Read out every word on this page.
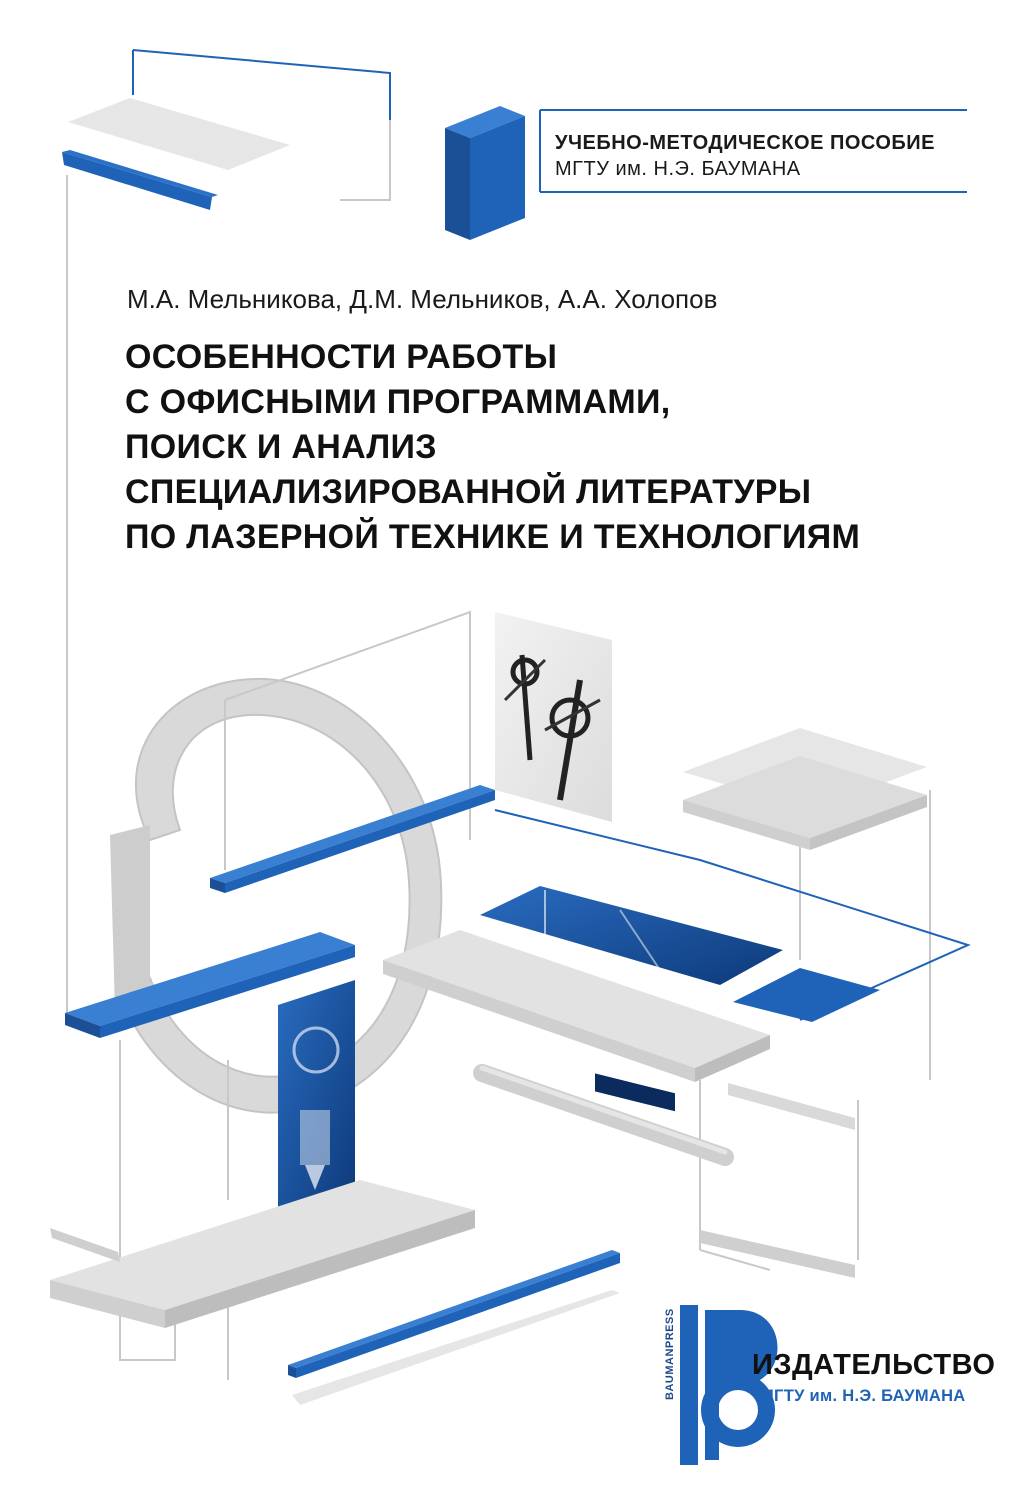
УЧЕБНО-МЕТОДИЧЕСКОЕ ПОСОБИЕ
МГТУ им. Н.Э. БАУМАНА
М.А. Мельникова, Д.М. Мельников, А.А. Холопов
ОСОБЕННОСТИ РАБОТЫ
С ОФИСНЫМИ ПРОГРАММАМИ,
ПОИСК И АНАЛИЗ
СПЕЦИАЛИЗИРОВАННОЙ ЛИТЕРАТУРЫ
ПО ЛАЗЕРНОЙ ТЕХНИКЕ И ТЕХНОЛОГИЯМ
BAUMANPRESS	ИЗДАТЕЛЬСТВО
МГТУ им. Н.Э. БАУМАНА
